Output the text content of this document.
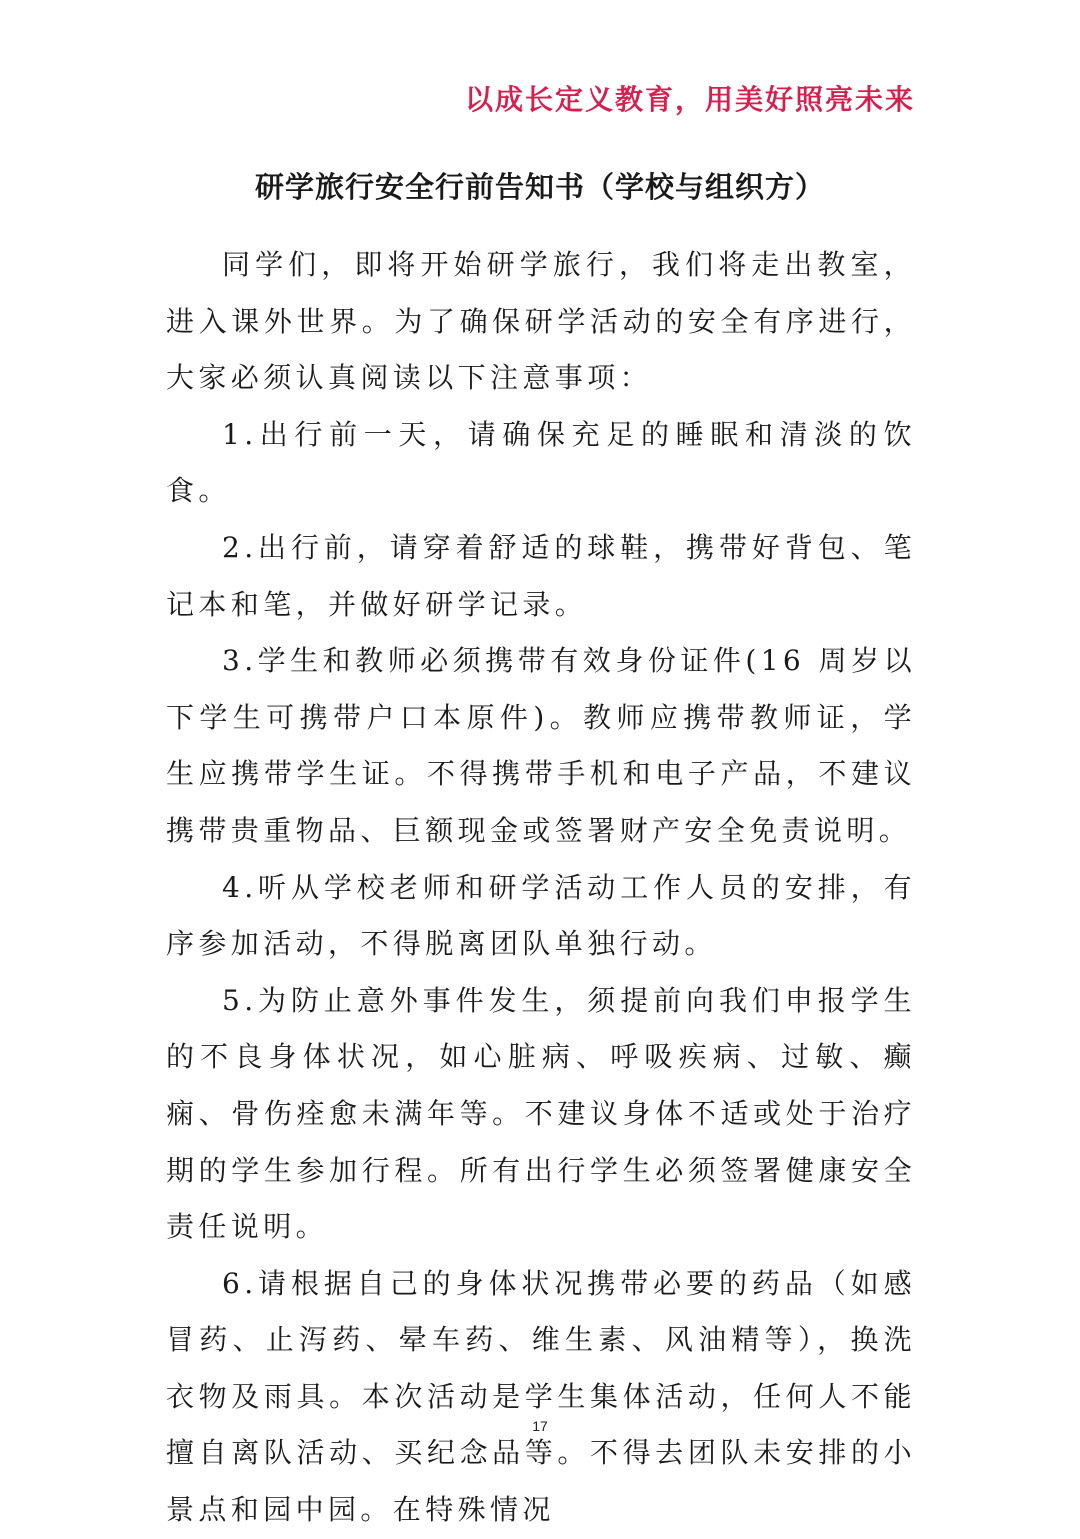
以成长定义教育，用美好照亮未来
研学旅行安全行前告知书（学校与组织方）

同学们，即将开始研学旅行，我们将走出教室，进入课外世界。为了确保研学活动的安全有序进行，大家必须认真阅读以下注意事项：

1.出行前一天，请确保充足的睡眠和清淡的饮食。

2.出行前，请穿着舒适的球鞋，携带好背包、笔记本和笔，并做好研学记录。

3.学生和教师必须携带有效身份证件(16 周岁以下学生可携带户口本原件)。教师应携带教师证，学生应携带学生证。不得携带手机和电子产品，不建议携带贵重物品、巨额现金或签署财产安全免责说明。

4.听从学校老师和研学活动工作人员的安排，有序参加活动，不得脱离团队单独行动。

5.为防止意外事件发生，须提前向我们申报学生的不良身体状况，如心脏病、呼吸疾病、过敏、癫痫、骨伤痊愈未满年等。不建议身体不适或处于治疗期的学生参加行程。所有出行学生必须签署健康安全责任说明。

6.请根据自己的身体状况携带必要的药品（如感冒药、止泻药、晕车药、维生素、风油精等），换洗衣物及雨具。本次活动是学生集体活动，任何人不能擅自离队活动、买纪念品等。不得去团队未安排的小景点和园中园。在特殊情况

17
